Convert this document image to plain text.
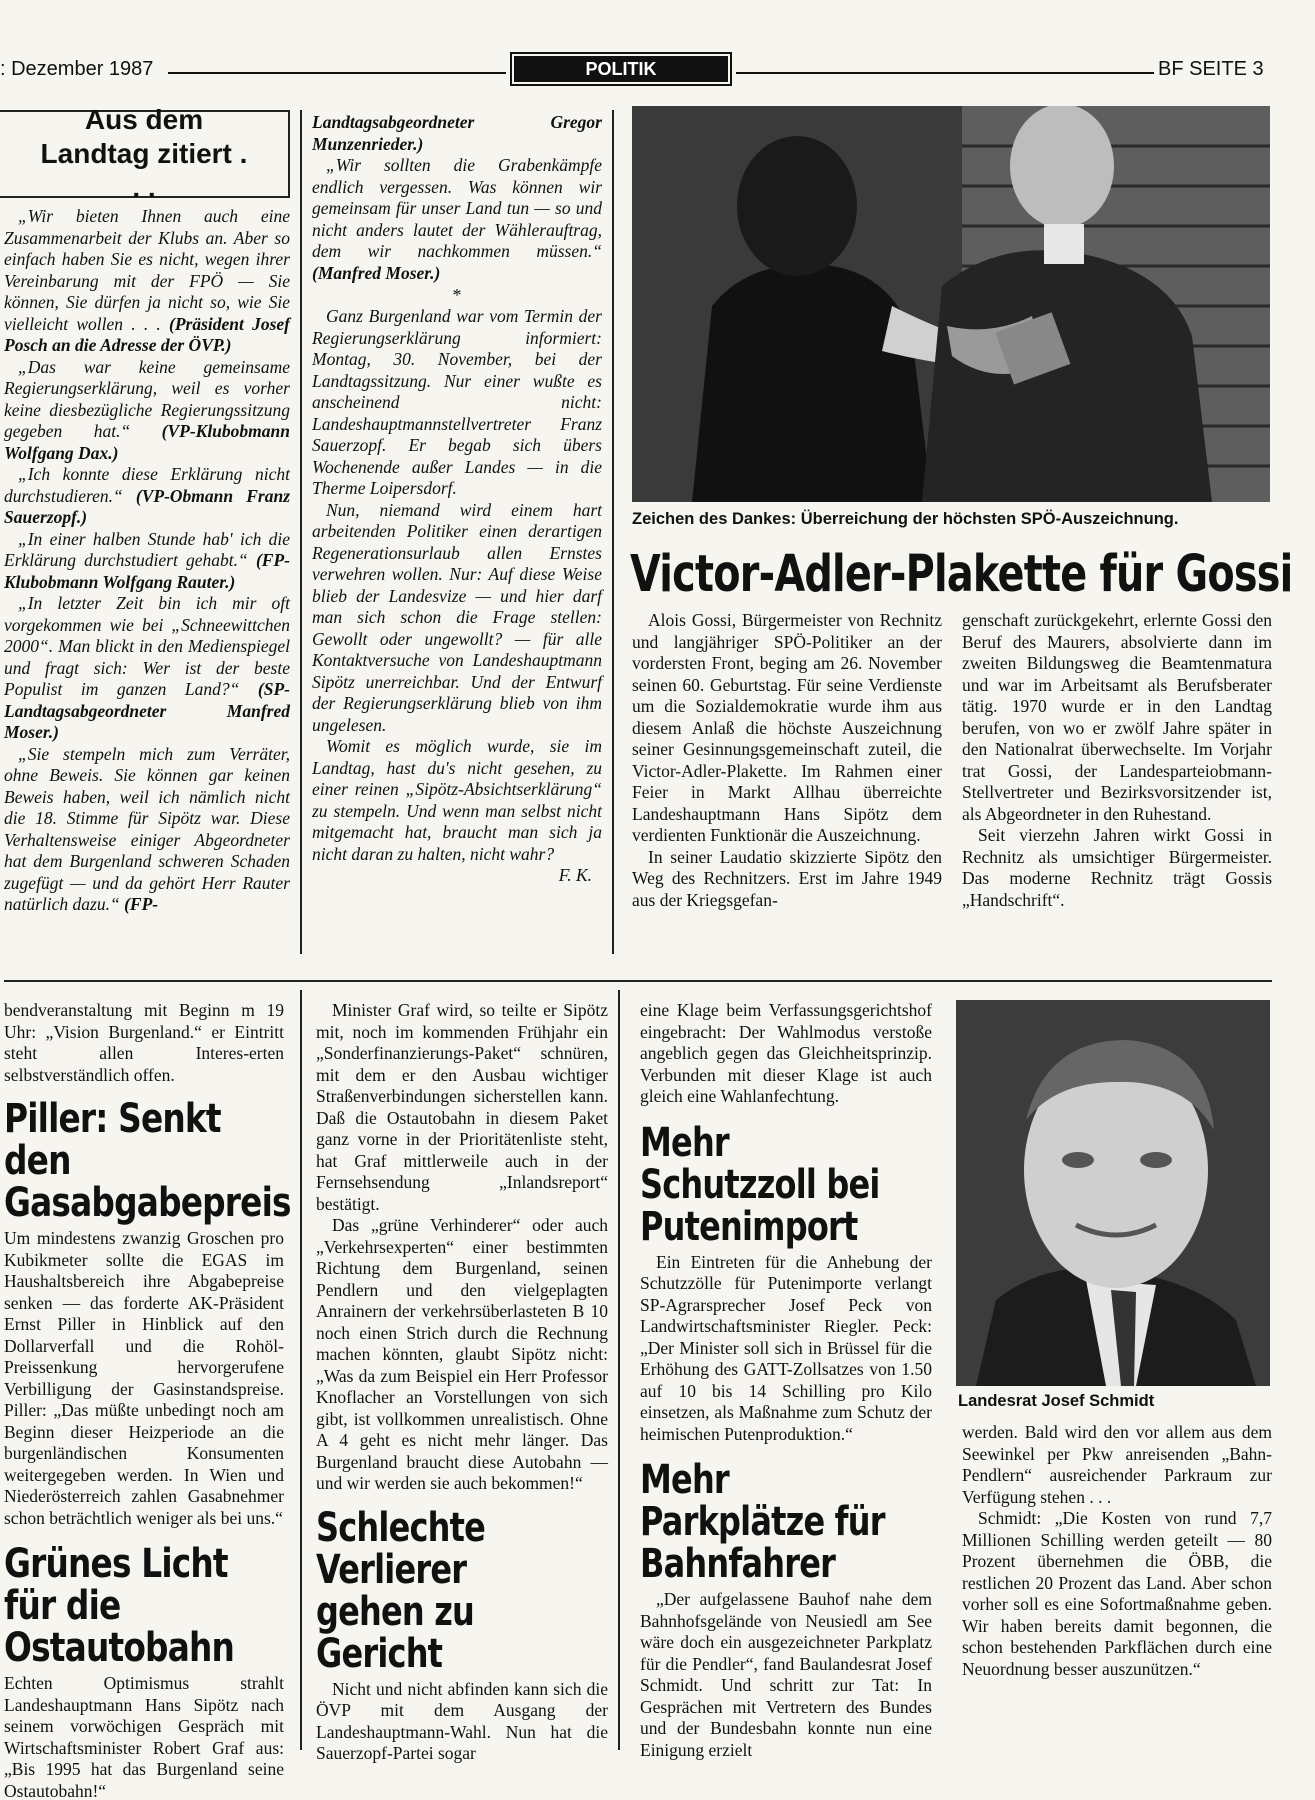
: Dezember 1987	POLITIK	BF SEITE 3
Aus dem Landtag zitiert . . .

„Wir bieten Ihnen auch eine Zusammenarbeit der Klubs an. Aber so einfach haben Sie es nicht, wegen ihrer Vereinbarung mit der FPÖ — Sie können, Sie dürfen ja nicht so, wie Sie vielleicht wollen . . . (Präsident Josef Posch an die Adresse der ÖVP.)

„Das war keine gemeinsame Regierungserklärung, weil es vorher keine diesbezügliche Regierungssitzung gegeben hat.“ (VP-Klubobmann Wolfgang Dax.)

„Ich konnte diese Erklärung nicht durchstudieren.“ (VP-Obmann Franz Sauerzopf.)

„In einer halben Stunde hab' ich die Erklärung durchstudiert gehabt.“ (FP-Klubobmann Wolfgang Rauter.)

„In letzter Zeit bin ich mir oft vorgekommen wie bei „Schneewittchen 2000“. Man blickt in den Medienspiegel und fragt sich: Wer ist der beste Populist im ganzen Land?“ (SP-Landtagsabgeordneter Manfred Moser.)

„Sie stempeln mich zum Verräter, ohne Beweis. Sie können gar keinen Beweis haben, weil ich nämlich nicht die 18. Stimme für Sipötz war. Diese Verhaltensweise einiger Abgeordneter hat dem Burgenland schweren Schaden zugefügt — und da gehört Herr Rauter natürlich dazu.“ (FP-

Landtagsabgeordneter Gregor Munzenrieder.)

„Wir sollten die Grabenkämpfe endlich vergessen. Was können wir gemeinsam für unser Land tun — so und nicht anders lautet der Wählerauftrag, dem wir nachkommen müssen.“ (Manfred Moser.)

*

Ganz Burgenland war vom Termin der Regierungserklärung informiert: Montag, 30. November, bei der Landtagssitzung. Nur einer wußte es anscheinend nicht: Landeshauptmannstellvertreter Franz Sauerzopf. Er begab sich übers Wochenende außer Landes — in die Therme Loipersdorf.

Nun, niemand wird einem hart arbeitenden Politiker einen derartigen Regenerationsurlaub allen Ernstes verwehren wollen. Nur: Auf diese Weise blieb der Landesvize — und hier darf man sich schon die Frage stellen: Gewollt oder ungewollt? — für alle Kontaktversuche von Landeshauptmann Sipötz unerreichbar. Und der Entwurf der Regierungserklärung blieb von ihm ungelesen.

Womit es möglich wurde, sie im Landtag, hast du's nicht gesehen, zu einer reinen „Sipötz-Absichtserklärung“ zu stempeln. Und wenn man selbst nicht mitgemacht hat, braucht man sich ja nicht daran zu halten, nicht wahr?

F. K.
Zeichen des Dankes: Überreichung der höchsten SPÖ-Auszeichnung.
Victor-Adler-Plakette für Gossi

Alois Gossi, Bürgermeister von Rechnitz und langjähriger SPÖ-Politiker an der vordersten Front, beging am 26. November seinen 60. Geburtstag. Für seine Verdienste um die Sozialdemokratie wurde ihm aus diesem Anlaß die höchste Auszeichnung seiner Gesinnungsgemeinschaft zuteil, die Victor-Adler-Plakette. Im Rahmen einer Feier in Markt Allhau überreichte Landeshauptmann Hans Sipötz dem verdienten Funktionär die Auszeichnung.

In seiner Laudatio skizzierte Sipötz den Weg des Rechnitzers. Erst im Jahre 1949 aus der Kriegsgefan-

genschaft zurückgekehrt, erlernte Gossi den Beruf des Maurers, absolvierte dann im zweiten Bildungsweg die Beamtenmatura und war im Arbeitsamt als Berufsberater tätig. 1970 wurde er in den Landtag berufen, von wo er zwölf Jahre später in den Nationalrat überwechselte. Im Vorjahr trat Gossi, der Landesparteiobmann-Stellvertreter und Bezirksvorsitzender ist, als Abgeordneter in den Ruhestand.

Seit vierzehn Jahren wirkt Gossi in Rechnitz als umsichtiger Bürgermeister. Das moderne Rechnitz trägt Gossis „Handschrift“.

bendveranstaltung mit Beginn m 19 Uhr: „Vision Burgenland.“ er Eintritt steht allen Interes-erten selbstverständlich offen.

Piller: Senkt den Gasabgabepreis

Um mindestens zwanzig Groschen pro Kubikmeter sollte die EGAS im Haushaltsbereich ihre Abgabepreise senken — das forderte AK-Präsident Ernst Piller in Hinblick auf den Dollarverfall und die Rohöl-Preissenkung hervorgerufene Verbilligung der Gasinstandspreise. Piller: „Das müßte unbedingt noch am Beginn dieser Heizperiode an die burgenländischen Konsumenten weitergegeben werden. In Wien und Niederösterreich zahlen Gasabnehmer schon beträchtlich weniger als bei uns.“

Grünes Licht für die Ostautobahn

Echten Optimismus strahlt Landeshauptmann Hans Sipötz nach seinem vorwöchigen Gespräch mit Wirtschaftsminister Robert Graf aus: „Bis 1995 hat das Burgenland seine Ostautobahn!“

Minister Graf wird, so teilte er Sipötz mit, noch im kommenden Frühjahr ein „Sonderfinanzierungs-Paket“ schnüren, mit dem er den Ausbau wichtiger Straßenverbindungen sicherstellen kann. Daß die Ostautobahn in diesem Paket ganz vorne in der Prioritätenliste steht, hat Graf mittlerweile auch in der Fernsehsendung „Inlandsreport“ bestätigt.

Das „grüne Verhinderer“ oder auch „Verkehrsexperten“ einer bestimmten Richtung dem Burgenland, seinen Pendlern und den vielgeplagten Anrainern der verkehrsüberlasteten B 10 noch einen Strich durch die Rechnung machen könnten, glaubt Sipötz nicht: „Was da zum Beispiel ein Herr Professor Knoflacher an Vorstellungen von sich gibt, ist vollkommen unrealistisch. Ohne A 4 geht es nicht mehr länger. Das Burgenland braucht diese Autobahn — und wir werden sie auch bekommen!“

Schlechte Verlierer gehen zu Gericht

Nicht und nicht abfinden kann sich die ÖVP mit dem Ausgang der Landeshauptmann-Wahl. Nun hat die Sauerzopf-Partei sogar

eine Klage beim Verfassungsgerichtshof eingebracht: Der Wahlmodus verstoße angeblich gegen das Gleichheitsprinzip. Verbunden mit dieser Klage ist auch gleich eine Wahlanfechtung.

Mehr Schutzzoll bei Putenimport

Ein Eintreten für die Anhebung der Schutzzölle für Putenimporte verlangt SP-Agrarsprecher Josef Peck von Landwirtschaftsminister Riegler. Peck: „Der Minister soll sich in Brüssel für die Erhöhung des GATT-Zollsatzes von 1.50 auf 10 bis 14 Schilling pro Kilo einsetzen, als Maßnahme zum Schutz der heimischen Putenproduktion.“

Mehr Parkplätze für Bahnfahrer

„Der aufgelassene Bauhof nahe dem Bahnhofsgelände von Neusiedl am See wäre doch ein ausgezeichneter Parkplatz für die Pendler“, fand Baulandesrat Josef Schmidt. Und schritt zur Tat: In Gesprächen mit Vertretern des Bundes und der Bundesbahn konnte nun eine Einigung erzielt

Landesrat Josef Schmidt

werden. Bald wird den vor allem aus dem Seewinkel per Pkw anreisenden „Bahn-Pendlern“ ausreichender Parkraum zur Verfügung stehen . . .

Schmidt: „Die Kosten von rund 7,7 Millionen Schilling werden geteilt — 80 Prozent übernehmen die ÖBB, die restlichen 20 Prozent das Land. Aber schon vorher soll es eine Sofortmaßnahme geben. Wir haben bereits damit begonnen, die schon bestehenden Parkflächen durch eine Neuordnung besser auszunützen.“
